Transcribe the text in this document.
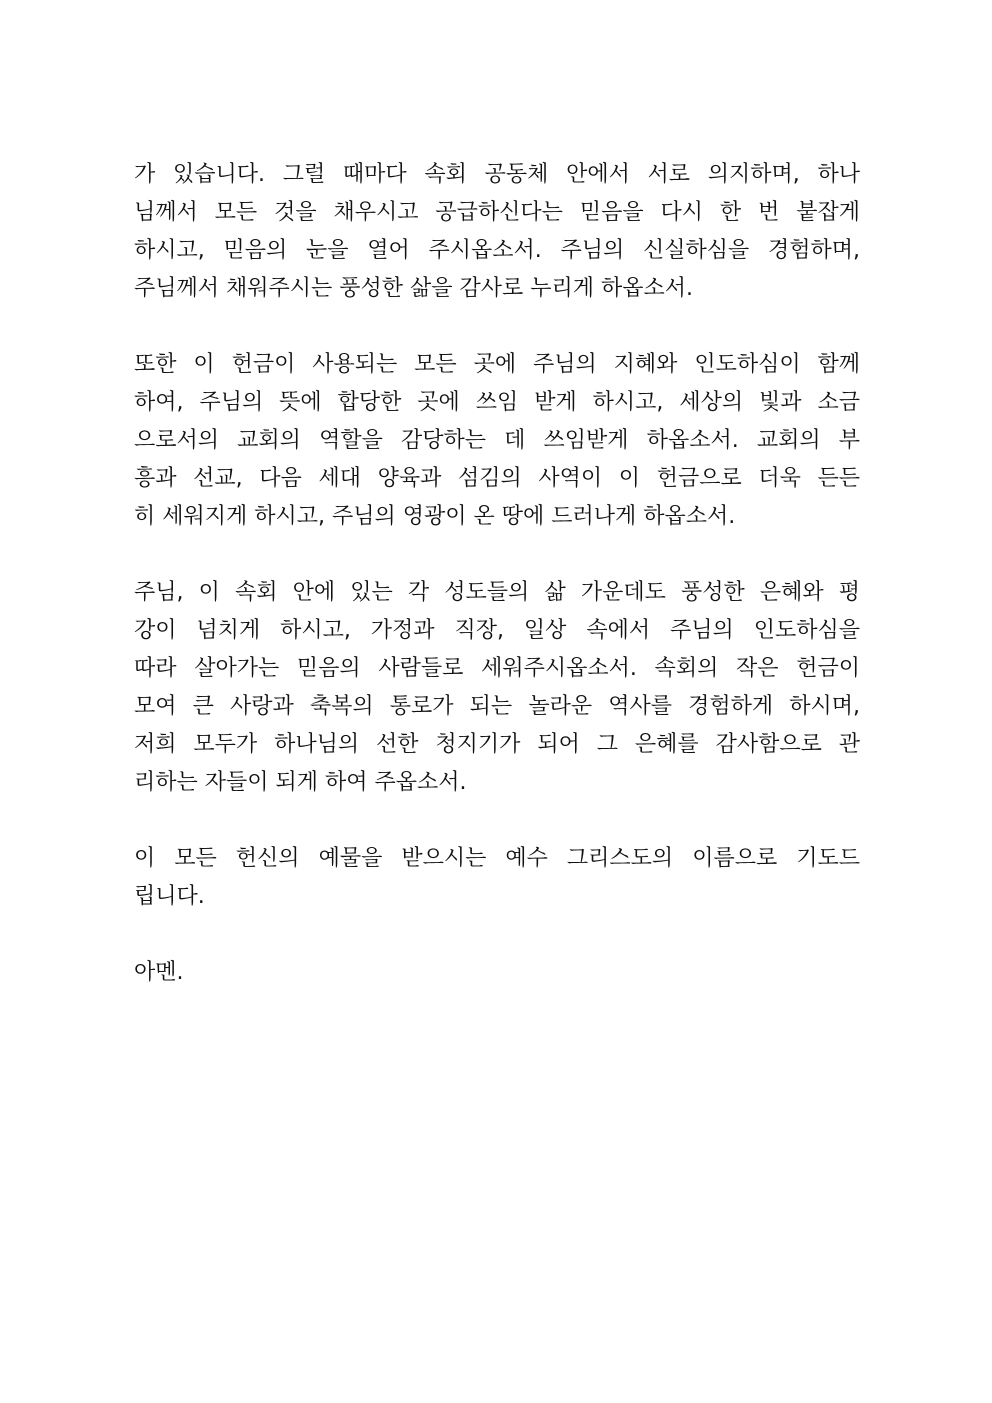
가 있습니다. 그럴 때마다 속회 공동체 안에서 서로 의지하며, 하나
님께서 모든 것을 채우시고 공급하신다는 믿음을 다시 한 번 붙잡게
하시고, 믿음의 눈을 열어 주시옵소서. 주님의 신실하심을 경험하며,
주님께서 채워주시는 풍성한 삶을 감사로 누리게 하옵소서.
또한 이 헌금이 사용되는 모든 곳에 주님의 지혜와 인도하심이 함께
하여, 주님의 뜻에 합당한 곳에 쓰임 받게 하시고, 세상의 빛과 소금
으로서의 교회의 역할을 감당하는 데 쓰임받게 하옵소서. 교회의 부
흥과 선교, 다음 세대 양육과 섬김의 사역이 이 헌금으로 더욱 든든
히 세워지게 하시고, 주님의 영광이 온 땅에 드러나게 하옵소서.
주님, 이 속회 안에 있는 각 성도들의 삶 가운데도 풍성한 은혜와 평
강이 넘치게 하시고, 가정과 직장, 일상 속에서 주님의 인도하심을
따라 살아가는 믿음의 사람들로 세워주시옵소서. 속회의 작은 헌금이
모여 큰 사랑과 축복의 통로가 되는 놀라운 역사를 경험하게 하시며,
저희 모두가 하나님의 선한 청지기가 되어 그 은혜를 감사함으로 관
리하는 자들이 되게 하여 주옵소서.
이 모든 헌신의 예물을 받으시는 예수 그리스도의 이름으로 기도드
립니다.
아멘.
